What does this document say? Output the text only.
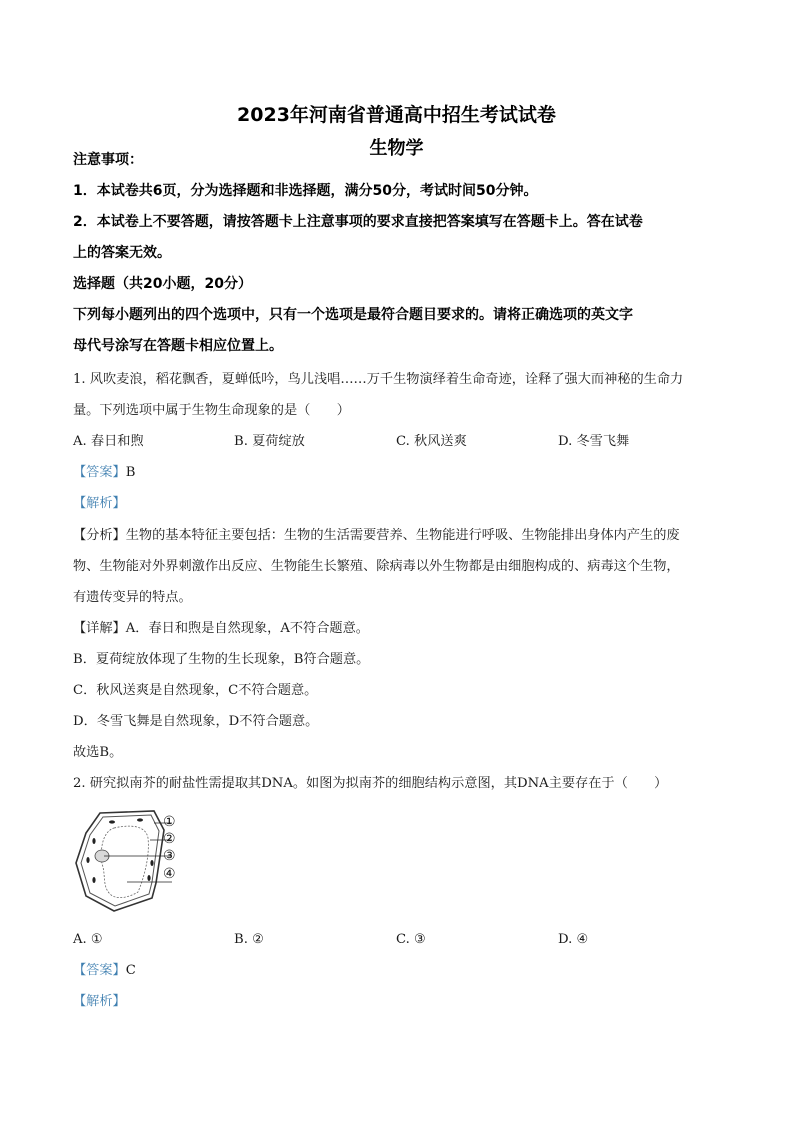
2023年河南省普通高中招生考试试卷
生物学
注意事项：
1．本试卷共6页，分为选择题和非选择题，满分50分，考试时间50分钟。
2．本试卷上不要答题，请按答题卡上注意事项的要求直接把答案填写在答题卡上。答在试卷
上的答案无效。
选择题（共20小题，20分）
下列每小题列出的四个选项中，只有一个选项是最符合题目要求的。请将正确选项的英文字
母代号涂写在答题卡相应位置上。
1. 风吹麦浪，稻花飘香，夏蝉低吟，鸟儿浅唱……万千生物演绎着生命奇迹，诠释了强大而神秘的生命力
量。下列选项中属于生物生命现象的是（　　）
A. 春日和煦	B. 夏荷绽放	C. 秋风送爽	D. 冬雪飞舞
【答案】B
【解析】
【分析】生物的基本特征主要包括：生物的生活需要营养、生物能进行呼吸、生物能排出身体内产生的废
物、生物能对外界刺激作出反应、生物能生长繁殖、除病毒以外生物都是由细胞构成的、病毒这个生物，
有遗传变异的特点。
【详解】A．春日和煦是自然现象，A不符合题意。
B．夏荷绽放体现了生物的生长现象，B符合题意。
C．秋风送爽是自然现象，C不符合题意。
D．冬雪飞舞是自然现象，D不符合题意。
故选B。
2. 研究拟南芥的耐盐性需提取其DNA。如图为拟南芥的细胞结构示意图，其DNA主要存在于（　　）
①
②
③
④
A. ①	B. ②	C. ③	D. ④
【答案】C
【解析】
